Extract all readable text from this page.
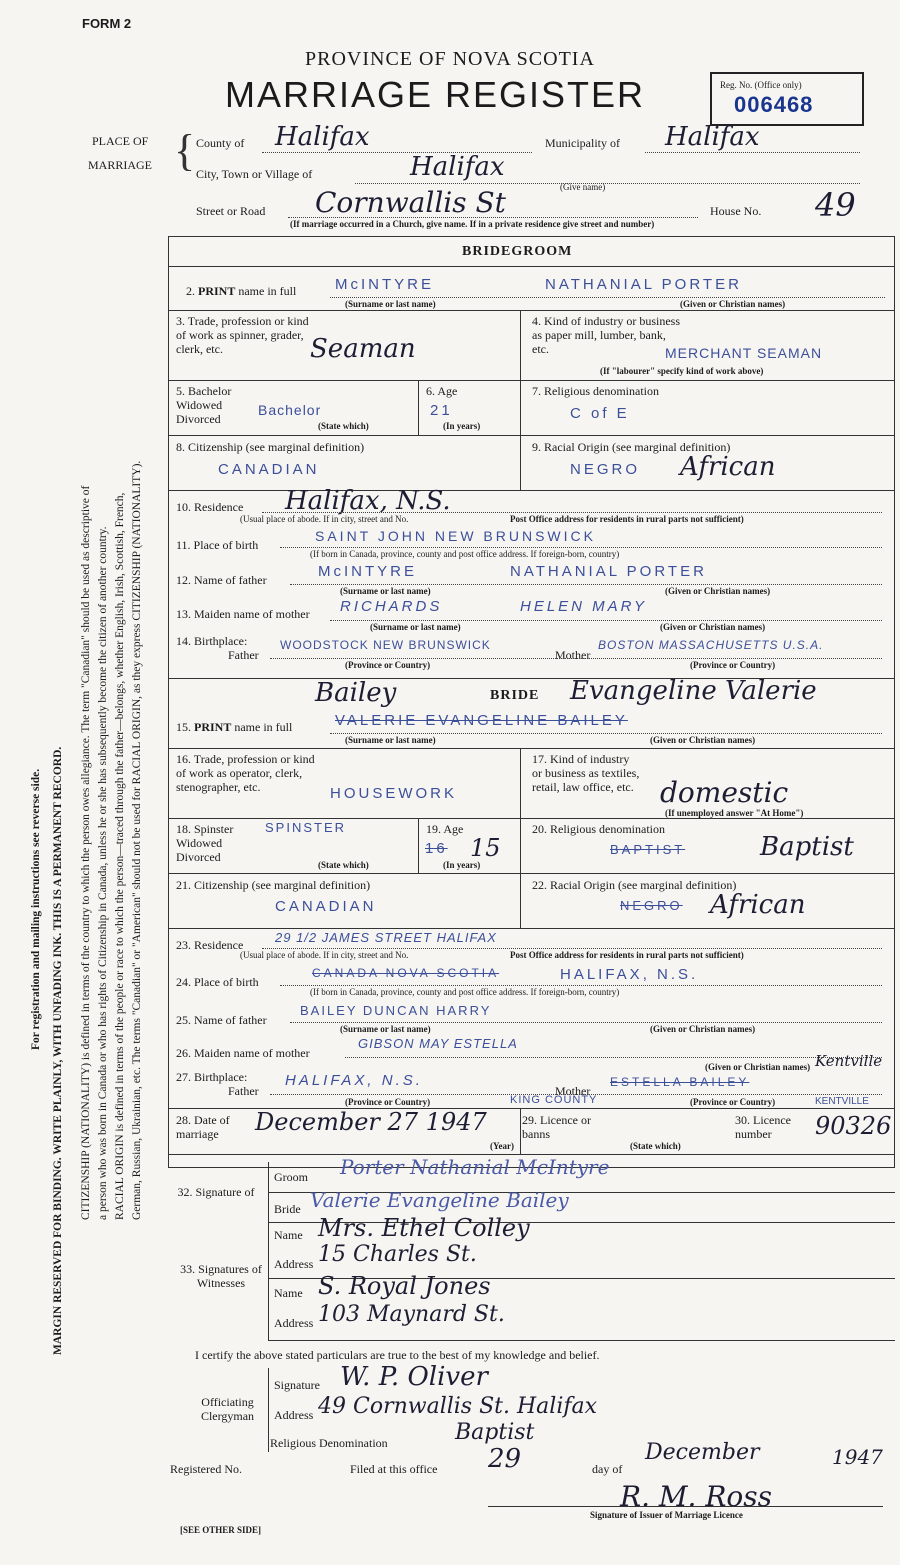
FORM 2
PROVINCE OF NOVA SCOTIA
MARRIAGE REGISTER	Reg. No. (Office only)
006468
PLACE OF
MARRIAGE { County of Halifax	Municipality of Halifax
City, Town or Village of	Halifax
(Give name)
Street or Road Cornwallis St	House No. 49
(If marriage occurred in a Church, give name. If in a private residence give street and number)
BRIDEGROOM
2. PRINT name in full	McINTYRE	NATHANIAL PORTER
(Surname or last name)	(Given or Christian names)
3. Trade, profession or kind of work as spinner, grader, clerk, etc.	Seaman
4. Kind of industry or business as paper mill, lumber, bank, etc.	MERCHANT SEAMAN
(If "labourer" specify kind of work above)
5. Bachelor Widowed Divorced
Bachelor
(State which)
6. Age
21
(In years)
7. Religious denomination
C of E
8. Citizenship (see marginal definition)
CANADIAN
9. Racial Origin (see marginal definition)
NEGRO African
10. Residence Halifax, N.S.
(Usual place of abode. If in city, street and No.	Post Office address for residents in rural parts not sufficient)
11. Place of birth
SAINT JOHN NEW BRUNSWICK
(If born in Canada, province, county and post office address. If foreign-born, country)
12. Name of father	McINTYRE	NATHANIAL PORTER
(Surname or last name)	(Given or Christian names)
13. Maiden name of mother RICHARDS	HELEN MARY
(Surname or last name)	(Given or Christian names)
14. Birthplace:
Father
WOODSTOCK NEW BRUNSWICK
Mother
BOSTON MASSACHUSETTS U.S.A.
(Province or Country)	(Province or Country)
Bailey	BRIDE Evangeline Valerie
15. PRINT name in full	VALERIE EVANGELINE BAILEY
(Surname or last name)	(Given or Christian names)
16. Trade, profession or kind of work as operator, clerk, stenographer, etc.	HOUSEWORK
17. Kind of industry or business as textiles, retail, law office, etc. domestic
(If unemployed answer "At Home")
18. Spinster Widowed Divorced
SPINSTER
(State which)
19. Age
16 15
(In years)
20. Religious denomination
BAPTIST	Baptist
21. Citizenship (see marginal definition)
CANADIAN
22. Racial Origin (see marginal definition)
NEGRO African
23. Residence 29 1/2 JAMES STREET HALIFAX
(Usual place of abode. If in city, street and No.	Post Office address for residents in rural parts not sufficient)
24. Place of birth
CANADA NOVA SCOTIA	HALIFAX, N.S.
(If born in Canada, province, county and post office address. If foreign-born, country)
25. Name of father
BAILEY DUNCAN HARRY
(Surname or last name)	(Given or Christian names)
26. Maiden name of mother
GIBSON MAY ESTELLA
(Given or Christian names) Kentville
27. Birthplace:
Father
HALIFAX, N.S.
Mother
ESTELLA BAILEY
KING COUNTY
(Province or Country)	(Province or Country)	KENTVILLE
28. Date of marriage	December 27 1947
(Year)
29. Licence or banns
(State which)
30. Licence number	90326
32. Signature of
Groom Porter Nathanial McIntyre
Bride Valerie Evangeline Bailey
33. Signatures of Witnesses
Name Mrs. Ethel Colley
Address 15 Charles St.
Name S. Royal Jones
Address 103 Maynard St.
I certify the above stated particulars are true to the best of my knowledge and belief.
Officiating Clergyman
Signature W. P. Oliver
Address 49 Cornwallis St. Halifax
Religious Denomination	Baptist
Registered No.	Filed at this office 29	day of
December	1947
R. M. Ross
Signature of Issuer of Marriage Licence
[SEE OTHER SIDE]
For registration and mailing instructions see reverse side. MARGIN RESERVED FOR BINDING. WRITE PLAINLY, WITH UNFADING INK. THIS IS A PERMANENT RECORD. CITIZENSHIP (NATIONALITY) is defined in terms of the country to which the person owes allegiance. The term "Canadian" should be used as descriptive of a person who was born in Canada or who has rights of Citizenship in Canada, unless he or she has subsequently become the citizen of another country. RACIAL ORIGIN is defined in terms of the people or race to which the person—traced through the father—belongs, whether English, Irish, Scottish, French, German, Russian, Ukrainian, etc. The terms "Canadian" or "American" should not be used for RACIAL ORIGIN, as they express CITIZENSHIP (NATIONALITY).
